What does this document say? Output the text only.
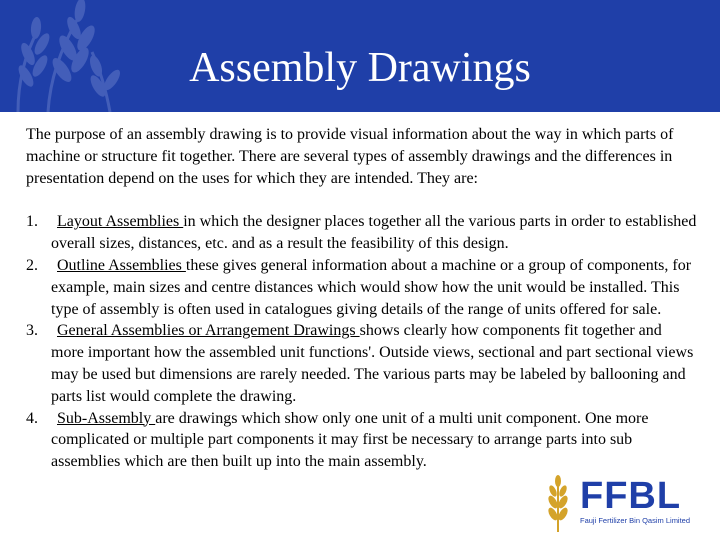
Assembly Drawings

The purpose of an assembly drawing is to provide visual information about the way in which parts of machine or structure fit together. There are several types of assembly drawings and the differences in presentation depend on the uses for which they are intended. They are:

1. Layout Assemblies in which the designer places together all the various parts in order to established overall sizes, distances, etc. and as a result the feasibility of this design.
2. Outline Assemblies these gives general information about a machine or a group of components, for example, main sizes and centre distances which would show how the unit would be installed. This type of assembly is often used in catalogues giving details of the range of units offered for sale.
3. General Assemblies or Arrangement Drawings shows clearly how components fit together and more important how the assembled unit functions'. Outside views, sectional and part sectional views may be used but dimensions are rarely needed. The various parts may be labeled by ballooning and parts list would complete the drawing.
4. Sub-Assembly are drawings which show only one unit of a multi unit component. One more complicated or multiple part components it may first be necessary to arrange parts into sub assemblies which are then built up into the main assembly.
FFBL
Fauji Fertilizer Bin Qasim Limited
